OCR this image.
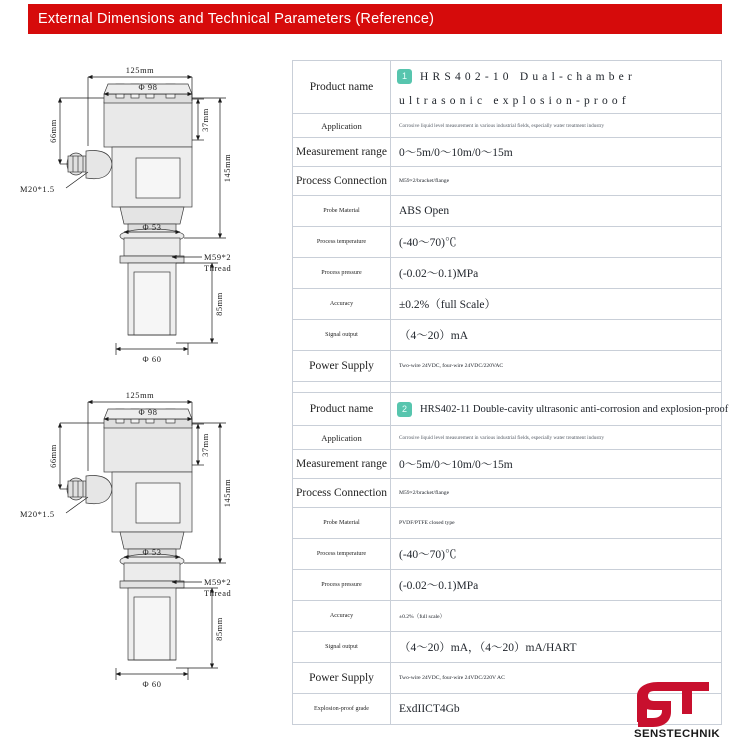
External Dimensions and Technical Parameters (Reference)
125mm
Φ 98
66mm	37mm
145mm
M20*1.5
Φ 53
M59*2
Thread
85mm
Φ 60
125mm
Φ 98
66mm	37mm
145mm
M20*1.5
Φ 53
M59*2
Thread
85mm
Φ 60
Product name	1 HRS402-10 Dual-chamber
ultrasonic explosion-proof

Application	Corrosive liquid level measurement in various industrial fields, especially water treatment industry
Measurement range	0～5m/0～10m/0～15m
Process Connection	M59×2/bracket/flange
Probe Material	ABS Open
Process temperature	(-40～70)℃
Process pressure	(-0.02～0.1)MPa
Accuracy	±0.2%（full Scale）
Signal output	（4～20）mA
Power Supply	Two-wire 24VDC, four-wire 24VDC/220VAC

Product name	2 HRS402-11 Double-cavity ultrasonic anti-corrosion and explosion-proof
Application	Corrosive liquid level measurement in various industrial fields, especially water treatment industry
Measurement range	0～5m/0～10m/0～15m
Process Connection	M59×2/bracket/flange
Probe Material	PVDF/PTFE closed type
Process temperature	(-40～70)℃
Process pressure	(-0.02～0.1)MPa
Accuracy	±0.2%（full scale）
Signal output	（4～20）mA，（4～20）mA/HART
Power Supply	Two-wire 24VDC, four-wire 24VDC/220V AC
Explosion-proof grade	ExdIICT4Gb
SENSTECHNIK
